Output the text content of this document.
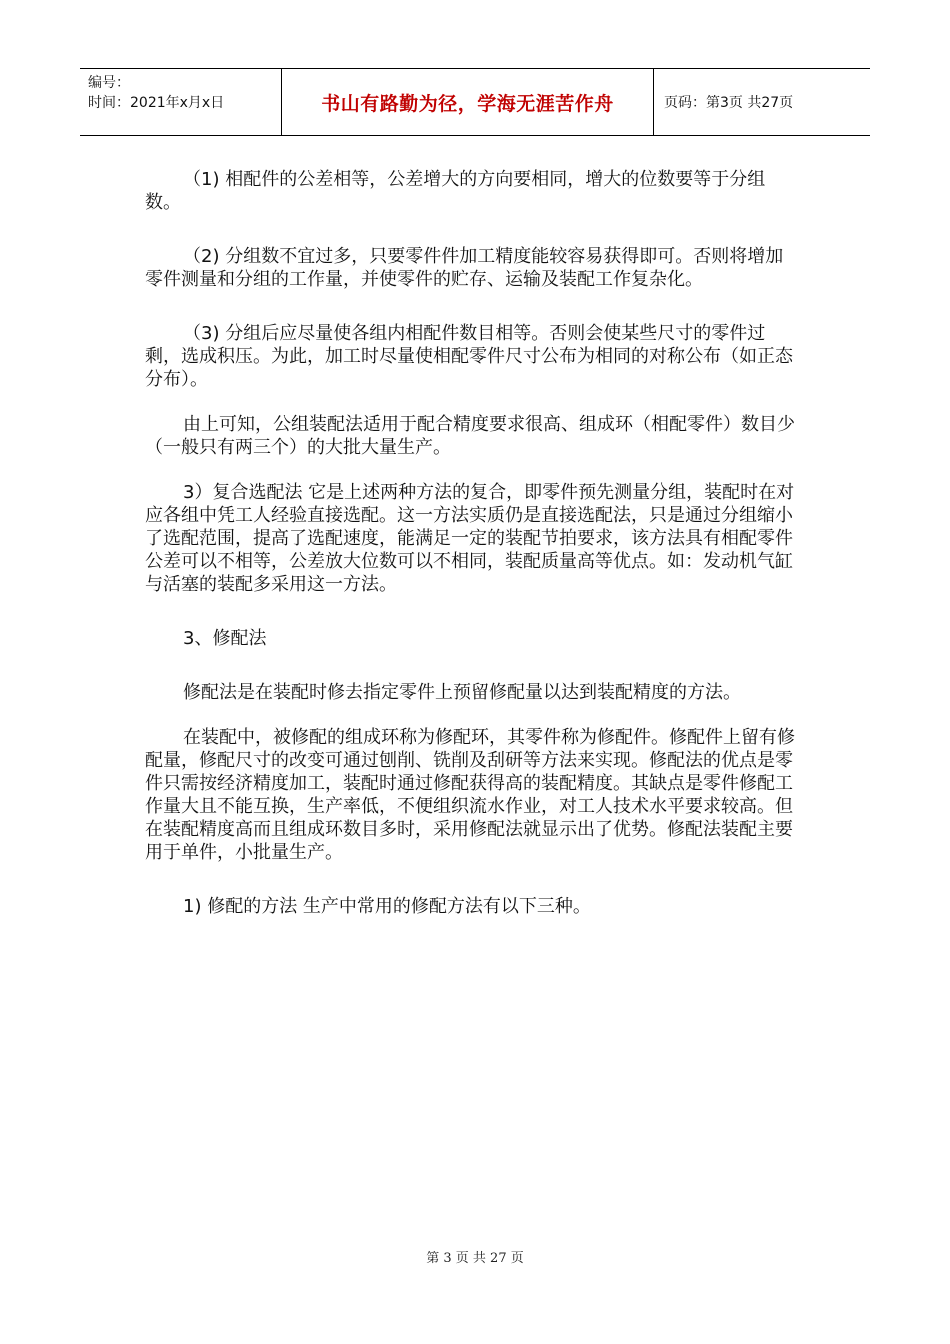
编号：
时间：2021年x月x日	书山有路勤为径，学海无涯苦作舟	页码：第3页 共27页

（1) 相配件的公差相等，公差增大的方向要相同，增大的位数要等于分组数。

（2) 分组数不宜过多，只要零件件加工精度能较容易获得即可。否则将增加零件测量和分组的工作量，并使零件的贮存、运输及装配工作复杂化。

（3) 分组后应尽量使各组内相配件数目相等。否则会使某些尺寸的零件过剩，选成积压。为此，加工时尽量使相配零件尺寸公布为相同的对称公布（如正态分布）。

由上可知，公组装配法适用于配合精度要求很高、组成环（相配零件）数目少（一般只有两三个）的大批大量生产。

3）复合选配法 它是上述两种方法的复合，即零件预先测量分组，装配时在对应各组中凭工人经验直接选配。这一方法实质仍是直接选配法，只是通过分组缩小了选配范围，提高了选配速度，能满足一定的装配节拍要求，该方法具有相配零件公差可以不相等，公差放大位数可以不相同，装配质量高等优点。如：发动机气缸与活塞的装配多采用这一方法。

3、修配法

修配法是在装配时修去指定零件上预留修配量以达到装配精度的方法。

在装配中，被修配的组成环称为修配环，其零件称为修配件。修配件上留有修配量，修配尺寸的改变可通过刨削、铣削及刮研等方法来实现。修配法的优点是零件只需按经济精度加工，装配时通过修配获得高的装配精度。其缺点是零件修配工作量大且不能互换，生产率低，不便组织流水作业，对工人技术水平要求较高。但在装配精度高而且组成环数目多时，采用修配法就显示出了优势。修配法装配主要用于单件，小批量生产。

1) 修配的方法 生产中常用的修配方法有以下三种。

第 3 页 共 27 页
